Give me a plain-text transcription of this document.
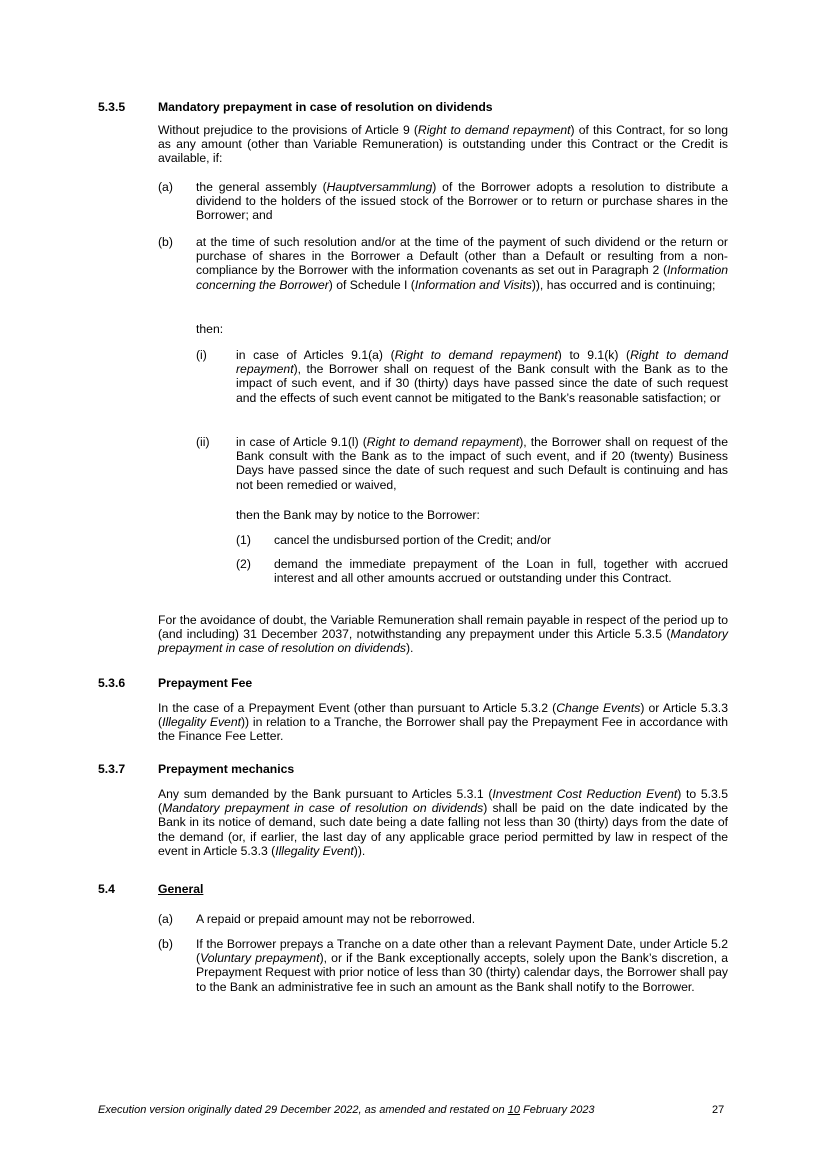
5.3.5	Mandatory prepayment in case of resolution on dividends
Without prejudice to the provisions of Article 9 (Right to demand repayment) of this Contract, for so long as any amount (other than Variable Remuneration) is outstanding under this Contract or the Credit is available, if:
(a) the general assembly (Hauptversammlung) of the Borrower adopts a resolution to distribute a dividend to the holders of the issued stock of the Borrower or to return or purchase shares in the Borrower; and
(b) at the time of such resolution and/or at the time of the payment of such dividend or the return or purchase of shares in the Borrower a Default (other than a Default or resulting from a non-compliance by the Borrower with the information covenants as set out in Paragraph 2 (Information concerning the Borrower) of Schedule I (Information and Visits)), has occurred and is continuing;
then:
(i) in case of Articles 9.1(a) (Right to demand repayment) to 9.1(k) (Right to demand repayment), the Borrower shall on request of the Bank consult with the Bank as to the impact of such event, and if 30 (thirty) days have passed since the date of such request and the effects of such event cannot be mitigated to the Bank’s reasonable satisfaction; or
(ii) in case of Article 9.1(l) (Right to demand repayment), the Borrower shall on request of the Bank consult with the Bank as to the impact of such event, and if 20 (twenty) Business Days have passed since the date of such request and such Default is continuing and has not been remedied or waived,
then the Bank may by notice to the Borrower:
(1) cancel the undisbursed portion of the Credit; and/or
(2) demand the immediate prepayment of the Loan in full, together with accrued interest and all other amounts accrued or outstanding under this Contract.
For the avoidance of doubt, the Variable Remuneration shall remain payable in respect of the period up to (and including) 31 December 2037, notwithstanding any prepayment under this Article 5.3.5 (Mandatory prepayment in case of resolution on dividends).
5.3.6	Prepayment Fee
In the case of a Prepayment Event (other than pursuant to Article 5.3.2 (Change Events) or Article 5.3.3 (Illegality Event)) in relation to a Tranche, the Borrower shall pay the Prepayment Fee in accordance with the Finance Fee Letter.
5.3.7	Prepayment mechanics
Any sum demanded by the Bank pursuant to Articles 5.3.1 (Investment Cost Reduction Event) to 5.3.5 (Mandatory prepayment in case of resolution on dividends) shall be paid on the date indicated by the Bank in its notice of demand, such date being a date falling not less than 30 (thirty) days from the date of the demand (or, if earlier, the last day of any applicable grace period permitted by law in respect of the event in Article 5.3.3 (Illegality Event)).
5.4	General
(a) A repaid or prepaid amount may not be reborrowed.
(b) If the Borrower prepays a Tranche on a date other than a relevant Payment Date, under Article 5.2 (Voluntary prepayment), or if the Bank exceptionally accepts, solely upon the Bank’s discretion, a Prepayment Request with prior notice of less than 30 (thirty) calendar days, the Borrower shall pay to the Bank an administrative fee in such an amount as the Bank shall notify to the Borrower.
Execution version originally dated 29 December 2022, as amended and restated on 10 February 2023	27
